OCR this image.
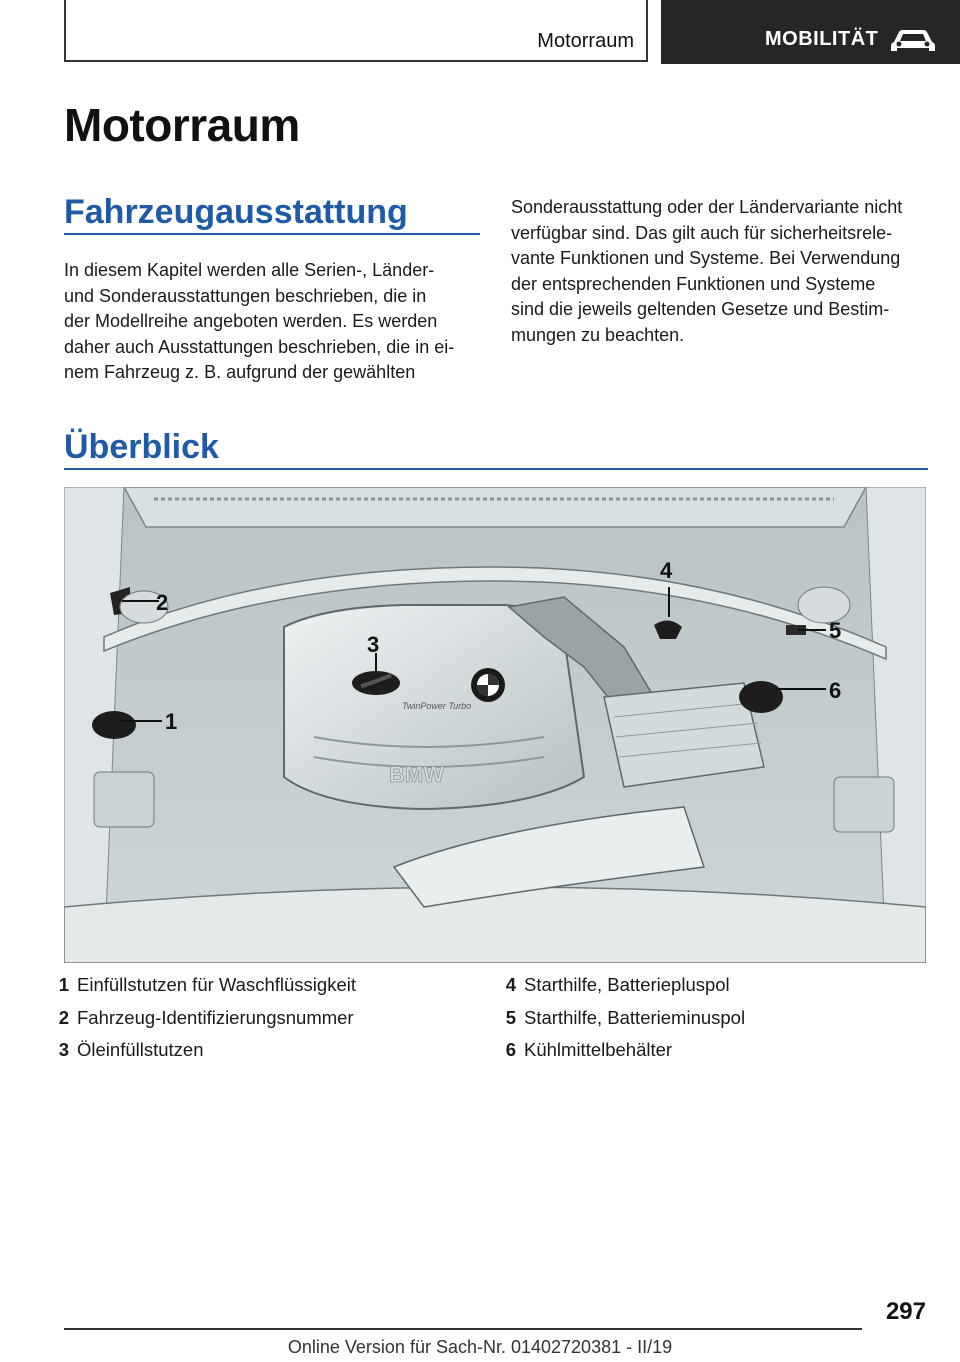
Motorraum	MOBILITÄT
Motorraum
Fahrzeugausstattung

In diesem Kapitel werden alle Serien-, Länder-
und Sonderausstattungen beschrieben, die in
der Modellreihe angeboten werden. Es werden
daher auch Ausstattungen beschrieben, die in ei-
nem Fahrzeug z. B. aufgrund der gewählten

Sonderausstattung oder der Ländervariante nicht
verfügbar sind. Das gilt auch für sicherheitsrele-
vante Funktionen und Systeme. Bei Verwendung
der entsprechenden Funktionen und Systeme
sind die jeweils geltenden Gesetze und Bestim-
mungen zu beachten.

Überblick
TwinPower Turbo
BMW
1
2
3
4
5
6
1 Einfüllstutzen für Waschflüssigkeit
2 Fahrzeug-Identifizierungsnummer
3 Öleinfüllstutzen
4 Starthilfe, Batteriepluspol
5 Starthilfe, Batterieminuspol
6 Kühlmittelbehälter
297
Online Version für Sach-Nr. 01402720381 - II/19
